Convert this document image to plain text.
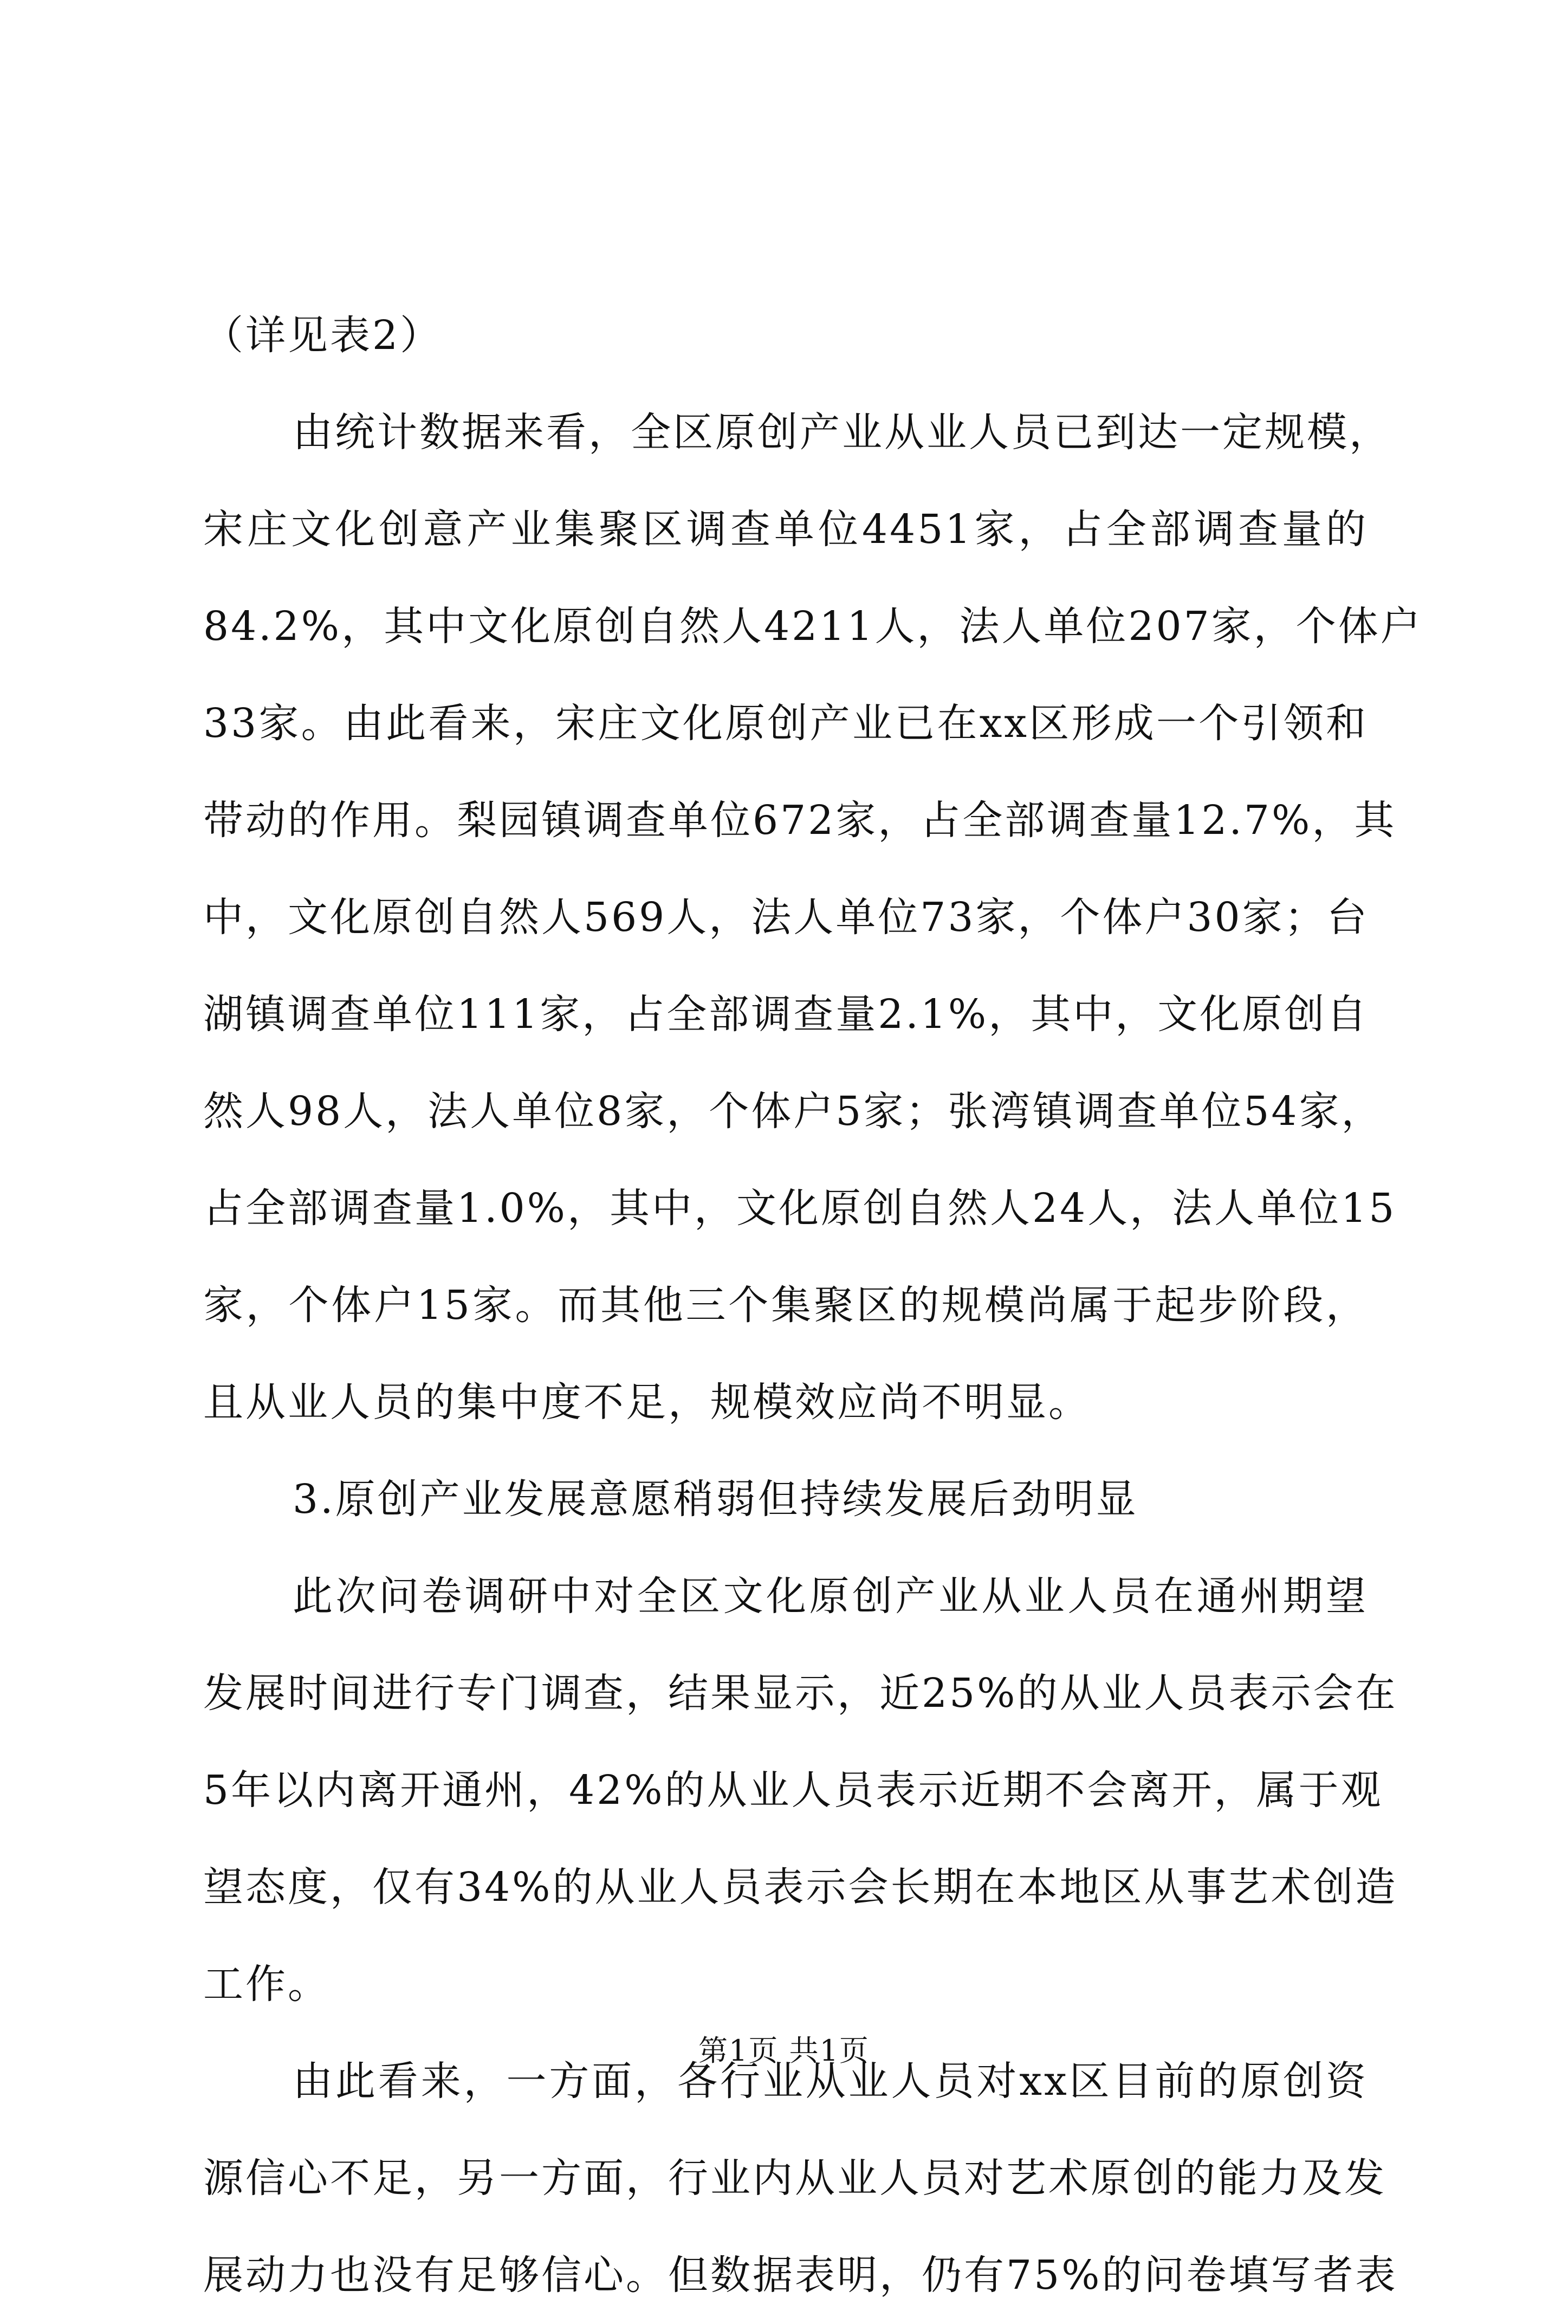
（详见表2）
由统计数据来看，全区原创产业从业人员已到达一定规模，
宋庄文化创意产业集聚区调查单位4451家，占全部调查量的
84.2%，其中文化原创自然人4211人，法人单位207家，个体户
33家。由此看来，宋庄文化原创产业已在xx区形成一个引领和
带动的作用。梨园镇调查单位672家，占全部调查量12.7%，其
中，文化原创自然人569人，法人单位73家，个体户30家；台
湖镇调查单位111家，占全部调查量2.1%，其中，文化原创自
然人98人，法人单位8家，个体户5家；张湾镇调查单位54家，
占全部调查量1.0%，其中，文化原创自然人24人，法人单位15
家，个体户15家。而其他三个集聚区的规模尚属于起步阶段，
且从业人员的集中度不足，规模效应尚不明显。
3.原创产业发展意愿稍弱但持续发展后劲明显
此次问卷调研中对全区文化原创产业从业人员在通州期望
发展时间进行专门调查，结果显示，近25%的从业人员表示会在
5年以内离开通州，42%的从业人员表示近期不会离开，属于观
望态度，仅有34%的从业人员表示会长期在本地区从事艺术创造
工作。
由此看来，一方面，各行业从业人员对xx区目前的原创资
源信心不足，另一方面，行业内从业人员对艺术原创的能力及发
展动力也没有足够信心。但数据表明，仍有75%的问卷填写者表
第1页 共1页
